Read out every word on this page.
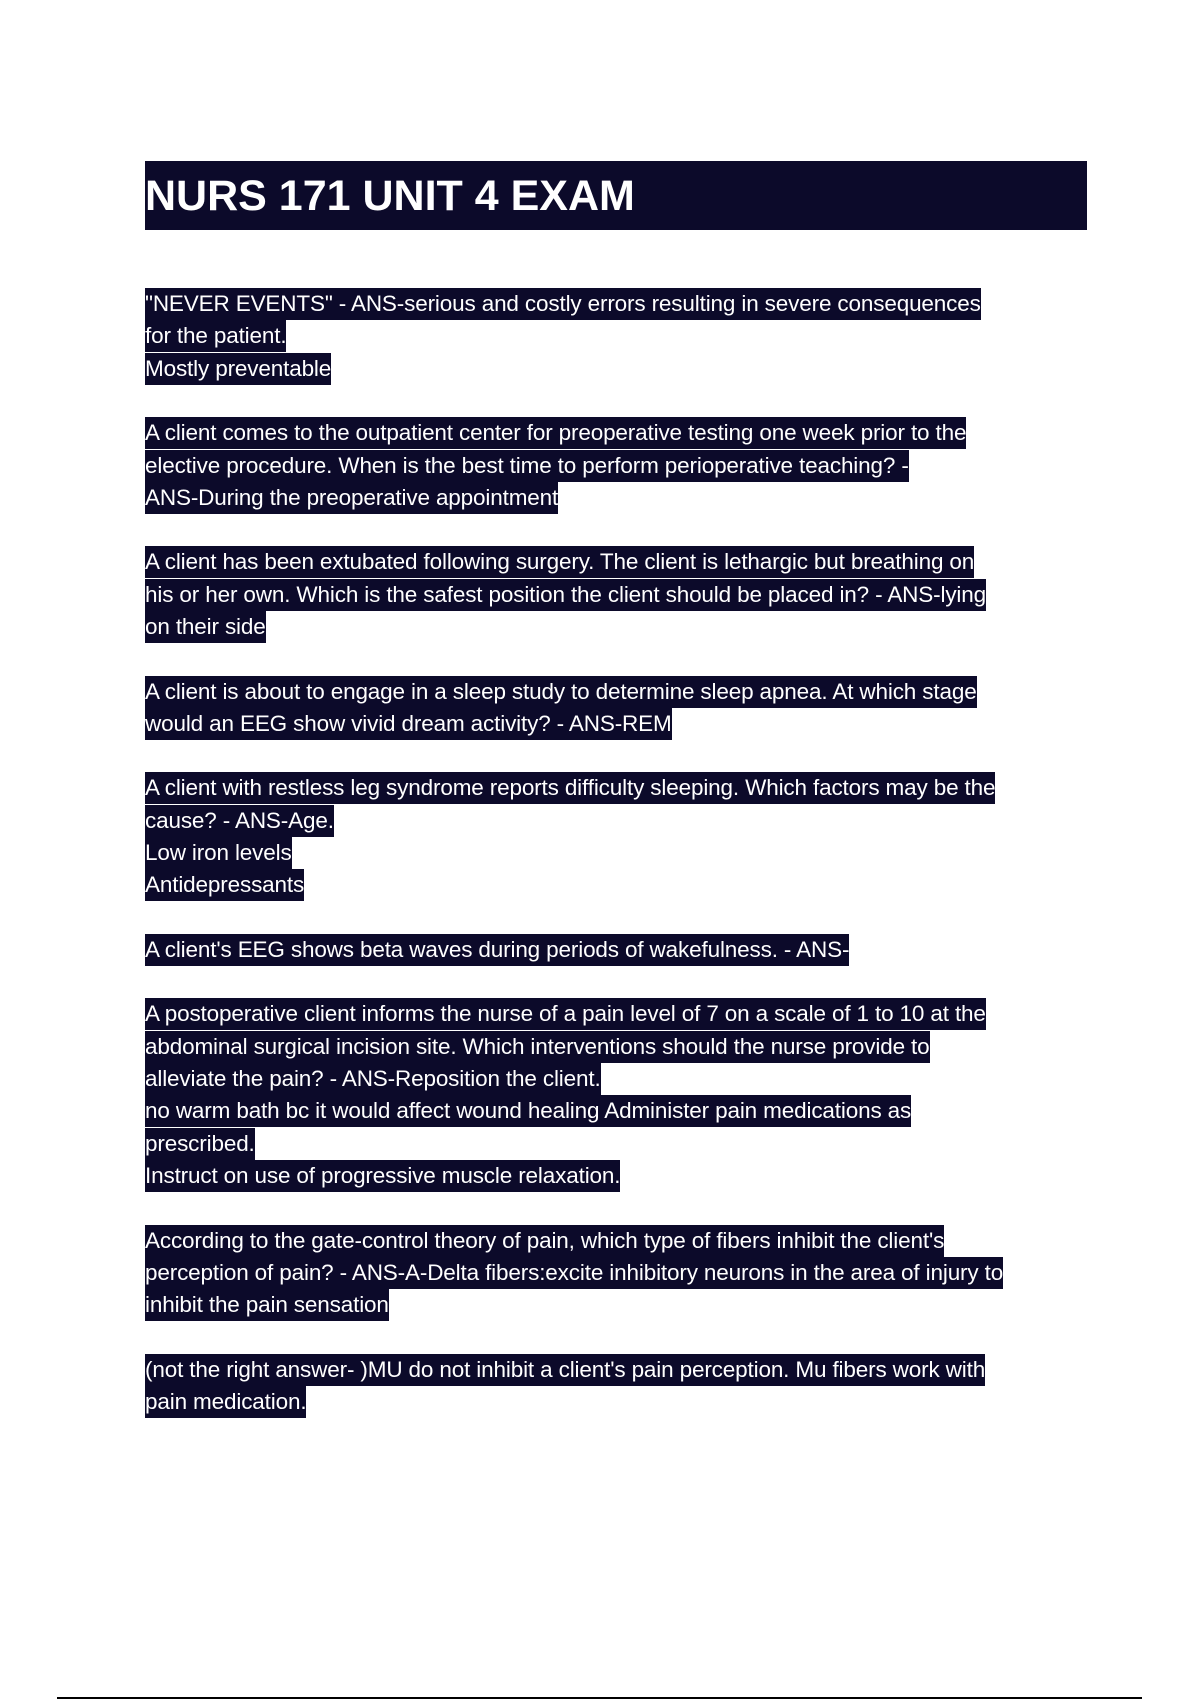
NURS 171 UNIT 4 EXAM
"NEVER EVENTS" - ANS-serious and costly errors resulting in severe consequences
for the patient.
Mostly preventable
A client comes to the outpatient center for preoperative testing one week prior to the
elective procedure. When is the best time to perform perioperative teaching? -
ANS-During the preoperative appointment
A client has been extubated following surgery. The client is lethargic but breathing on
his or her own. Which is the safest position the client should be placed in? - ANS-lying
on their side
A client is about to engage in a sleep study to determine sleep apnea. At which stage
would an EEG show vivid dream activity? - ANS-REM
A client with restless leg syndrome reports difficulty sleeping. Which factors may be the
cause? - ANS-Age.
Low iron levels
Antidepressants
A client's EEG shows beta waves during periods of wakefulness. - ANS-
A postoperative client informs the nurse of a pain level of 7 on a scale of 1 to 10 at the
abdominal surgical incision site. Which interventions should the nurse provide to
alleviate the pain? - ANS-Reposition the client.
no warm bath bc it would affect wound healing Administer pain medications as
prescribed.
Instruct on use of progressive muscle relaxation.
According to the gate-control theory of pain, which type of fibers inhibit the client's
perception of pain? - ANS-A-Delta fibers:excite inhibitory neurons in the area of injury to
inhibit the pain sensation
(not the right answer- )MU do not inhibit a client's pain perception. Mu fibers work with
pain medication.
